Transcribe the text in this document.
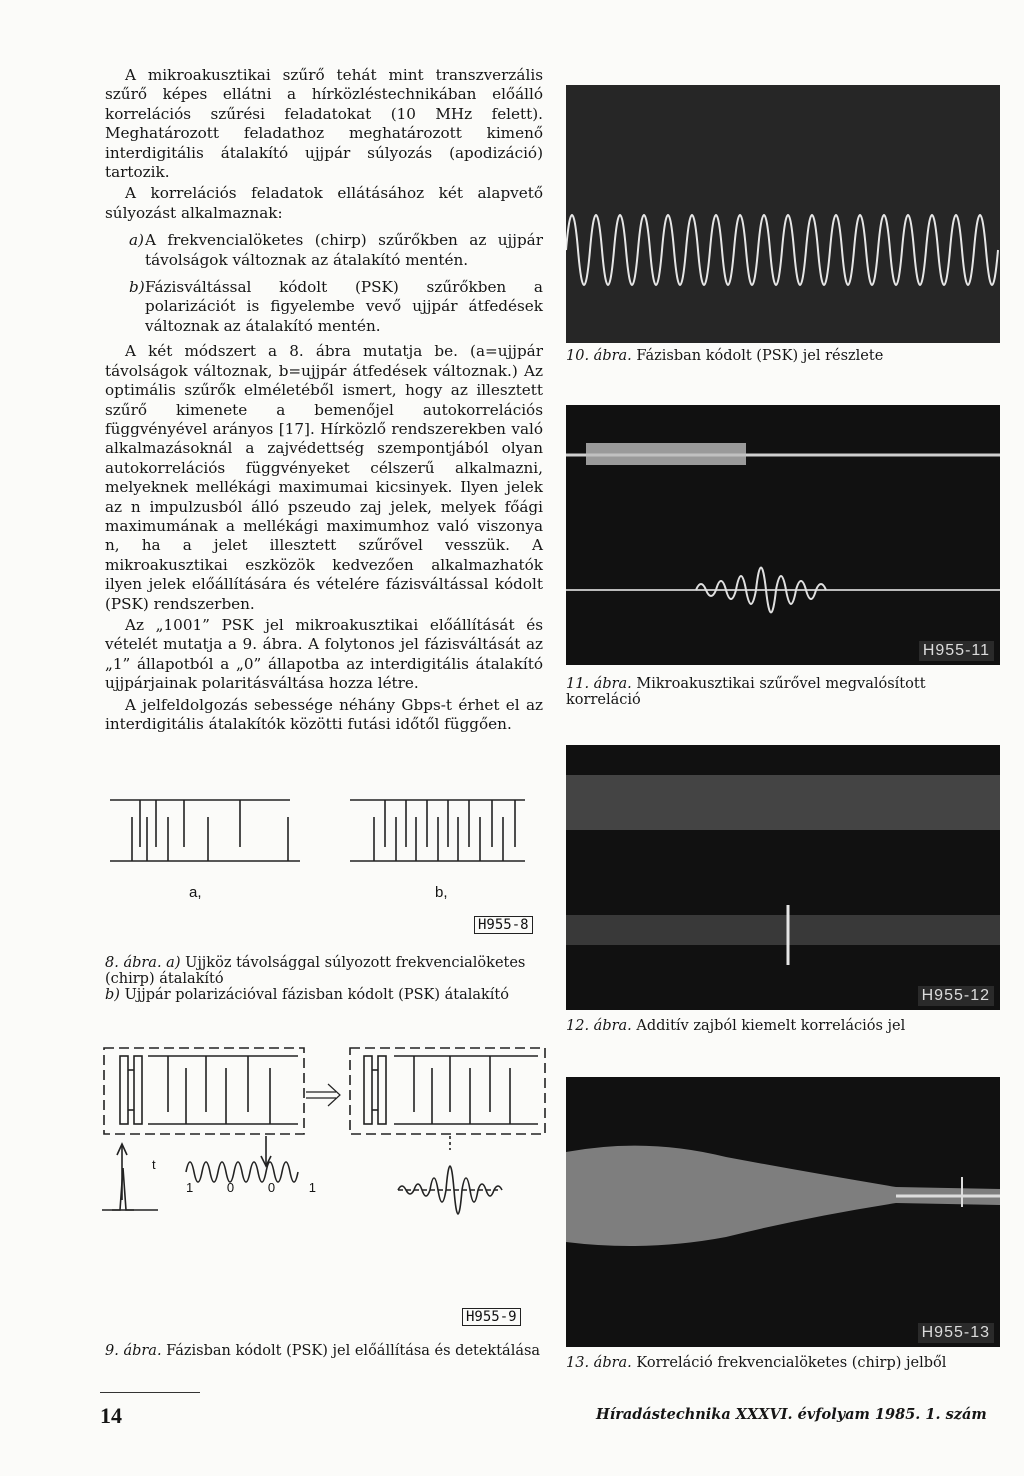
A mikroakusztikai szűrő tehát mint transzverzális szűrő képes ellátni a hírközléstechnikában előálló korrelációs szűrési feladatokat (10 MHz felett). Meghatározott feladathoz meghatározott kimenő interdigitális átalakító ujjpár súlyozás (apodizáció) tartozik.

A korrelációs feladatok ellátásához két alapvető súlyozást alkalmaznak:

a) A frekvencialöketes (chirp) szűrőkben az ujjpár távolságok változnak az átalakító mentén.

b) Fázisváltással kódolt (PSK) szűrőkben a polarizációt is figyelembe vevő ujjpár átfedések változnak az átalakító mentén.

A két módszert a 8. ábra mutatja be. (a=ujjpár távolságok változnak, b=ujjpár átfedések változnak.) Az optimális szűrők elméletéből ismert, hogy az illesztett szűrő kimenete a bemenőjel autokorrelációs függvényével arányos [17]. Hírközlő rendszerekben való alkalmazásoknál a zajvédettség szempontjából olyan autokorrelációs függvényeket célszerű alkalmazni, melyeknek mellékági maximumai kicsinyek. Ilyen jelek az n impulzusból álló pszeudo zaj jelek, melyek főági maximumának a mellékági maximumhoz való viszonya n, ha a jelet illesztett szűrővel vesszük. A mikroakusztikai eszközök kedvezően alkalmazhatók ilyen jelek előállítására és vételére fázisváltással kódolt (PSK) rendszerben.

Az „1001” PSK jel mikroakusztikai előállítását és vételét mutatja a 9. ábra. A folytonos jel fázisváltását az „1” állapotból a „0” állapotba az interdigitális átalakító ujjpárjainak polaritásváltása hozza létre.

A jelfeldolgozás sebessége néhány Gbps-t érhet el az interdigitális átalakítók közötti futási időtől függően.

a,	b,
H955-8
8. ábra. a) Ujjköz távolsággal súlyozott frekvencialöketes (chirp) átalakító
b) Ujjpár polarizációval fázisban kódolt (PSK) átalakító
t
1	0	0	1
H955-9
9. ábra. Fázisban kódolt (PSK) jel előállítása és detektálása
10. ábra. Fázisban kódolt (PSK) jel részlete
H955-11
11. ábra. Mikroakusztikai szűrővel megvalósított korreláció
H955-12
12. ábra. Additív zajból kiemelt korrelációs jel
H955-13
13. ábra. Korreláció frekvencialöketes (chirp) jelből
14	Híradástechnika XXXVI. évfolyam 1985. 1. szám
